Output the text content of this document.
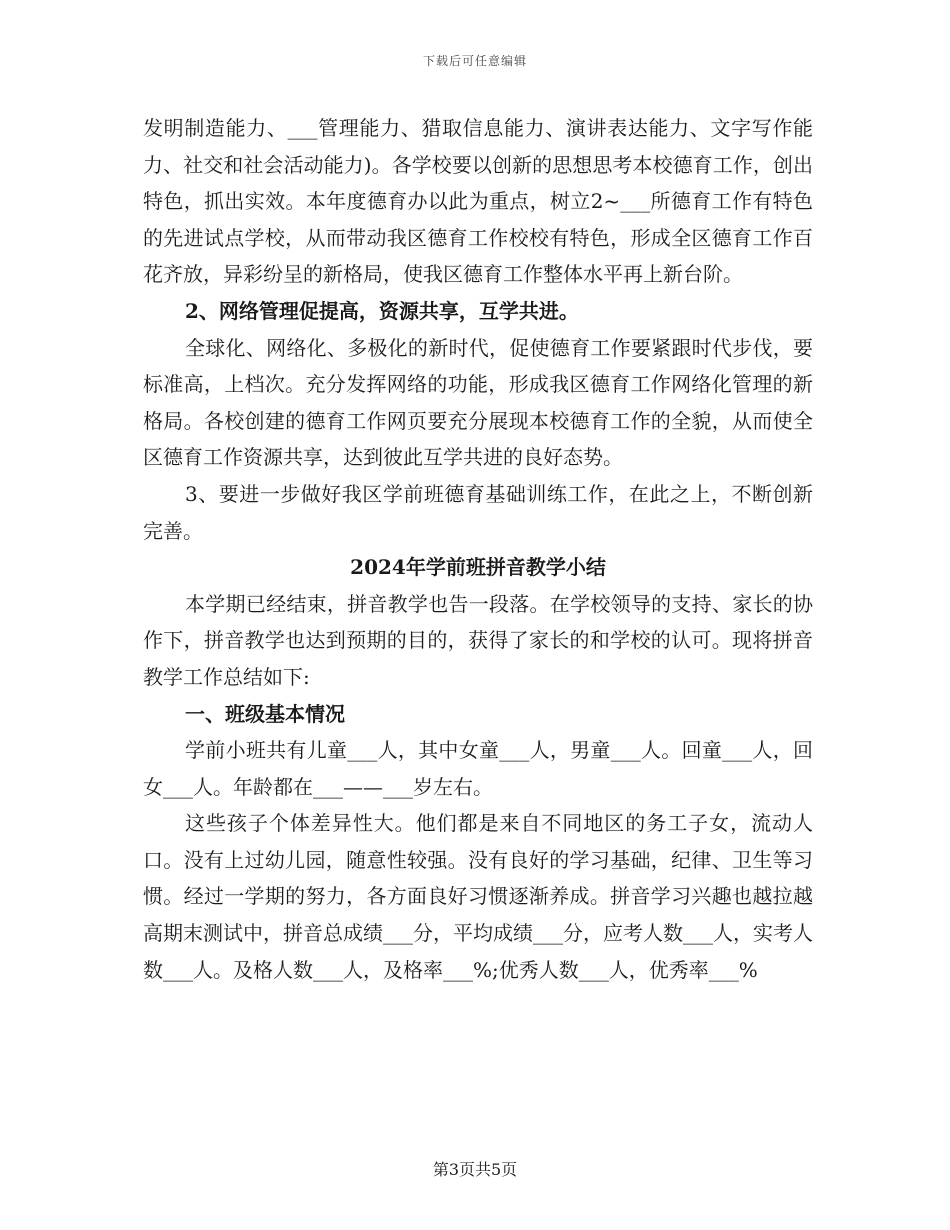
下载后可任意编辑

发明制造能力、___管理能力、猎取信息能力、演讲表达能力、文字写作能力、社交和社会活动能力)。各学校要以创新的思想思考本校德育工作，创出特色，抓出实效。本年度德育办以此为重点，树立2~___所德育工作有特色的先进试点学校，从而带动我区德育工作校校有特色，形成全区德育工作百花齐放，异彩纷呈的新格局，使我区德育工作整体水平再上新台阶。

2、网络管理促提高，资源共享，互学共进。

全球化、网络化、多极化的新时代，促使德育工作要紧跟时代步伐，要标准高，上档次。充分发挥网络的功能，形成我区德育工作网络化管理的新格局。各校创建的德育工作网页要充分展现本校德育工作的全貌，从而使全区德育工作资源共享，达到彼此互学共进的良好态势。

3、要进一步做好我区学前班德育基础训练工作，在此之上，不断创新完善。

2024年学前班拼音教学小结

本学期已经结束，拼音教学也告一段落。在学校领导的支持、家长的协作下，拼音教学也达到预期的目的，获得了家长的和学校的认可。现将拼音教学工作总结如下:

一、班级基本情况

学前小班共有儿童___人，其中女童___人，男童___人。回童___人，回女___人。年龄都在___——___岁左右。

这些孩子个体差异性大。他们都是来自不同地区的务工子女，流动人口。没有上过幼儿园，随意性较强。没有良好的学习基础，纪律、卫生等习惯。经过一学期的努力，各方面良好习惯逐渐养成。拼音学习兴趣也越拉越高期末测试中，拼音总成绩___分，平均成绩___分，应考人数___人，实考人数___人。及格人数___人，及格率___%;优秀人数___人，优秀率___%

第3页共5页
